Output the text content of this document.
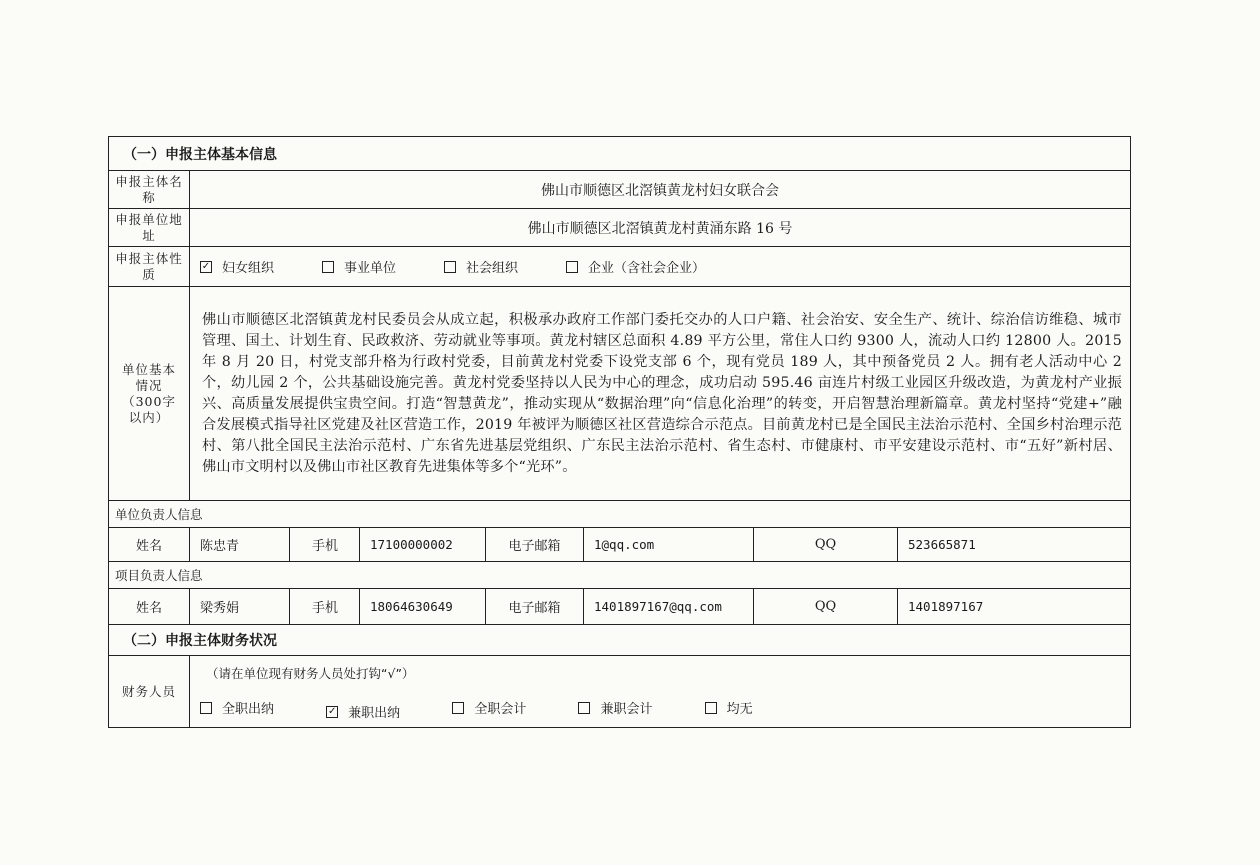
（一）申报主体基本信息
申报主体名称	佛山市顺德区北滘镇黄龙村妇女联合会
申报单位地址	佛山市顺德区北滘镇黄龙村黄涌东路 16 号
申报主体性质
✓ 妇女组织	事业单位	社会组织	企业（含社会企业）
单位基本情况（300字以内）
佛山市顺德区北滘镇黄龙村民委员会从成立起，积极承办政府工作部门委托交办的人口户籍、社会治安、安全生产、统计、综治信访维稳、城市管理、国土、计划生育、民政救济、劳动就业等事项。黄龙村辖区总面积 4.89 平方公里，常住人口约 9300 人，流动人口约 12800 人。2015 年 8 月 20 日，村党支部升格为行政村党委，目前黄龙村党委下设党支部 6 个，现有党员 189 人，其中预备党员 2 人。拥有老人活动中心 2 个，幼儿园 2 个，公共基础设施完善。黄龙村党委坚持以人民为中心的理念，成功启动 595.46 亩连片村级工业园区升级改造，为黄龙村产业振兴、高质量发展提供宝贵空间。打造“智慧黄龙”，推动实现从“数据治理”向“信息化治理”的转变，开启智慧治理新篇章。黄龙村坚持“党建+”融合发展模式指导社区党建及社区营造工作，2019 年被评为顺德区社区营造综合示范点。目前黄龙村已是全国民主法治示范村、全国乡村治理示范村、第八批全国民主法治示范村、广东省先进基层党组织、广东民主法治示范村、省生态村、市健康村、市平安建设示范村、市“五好”新村居、佛山市文明村以及佛山市社区教育先进集体等多个“光环”。
单位负责人信息
姓名	陈忠青	手机	17100000002	电子邮箱	1@qq.com	QQ	523665871
项目负责人信息
姓名	梁秀娟	手机	18064630649	电子邮箱	1401897167@qq.com	QQ	1401897167
（二）申报主体财务状况
财务人员
（请在单位现有财务人员处打钩“√”）
全职出纳
	✓ 兼职出纳
	全职会计
	兼职会计
	均无
